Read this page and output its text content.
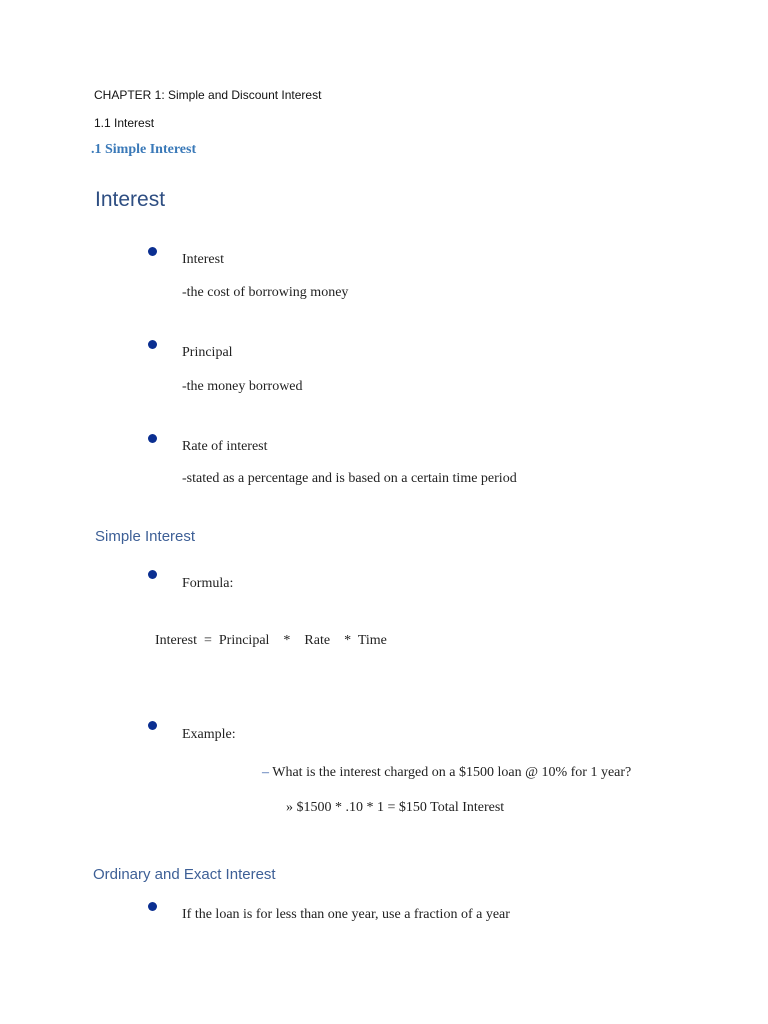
CHAPTER 1: Simple and Discount Interest
1.1 Interest
.1 Simple Interest
Interest
Interest
-the cost of borrowing money
Principal
-the money borrowed
Rate of interest
-stated as a percentage and is based on a certain time period
Simple Interest
Formula:
Interest  =  Principal    *    Rate    *  Time
Example:
– What is the interest charged on a $1500 loan @ 10% for 1 year?
» $1500 * .10 * 1 = $150 Total Interest
Ordinary and Exact Interest
If the loan is for less than one year, use a fraction of a year
